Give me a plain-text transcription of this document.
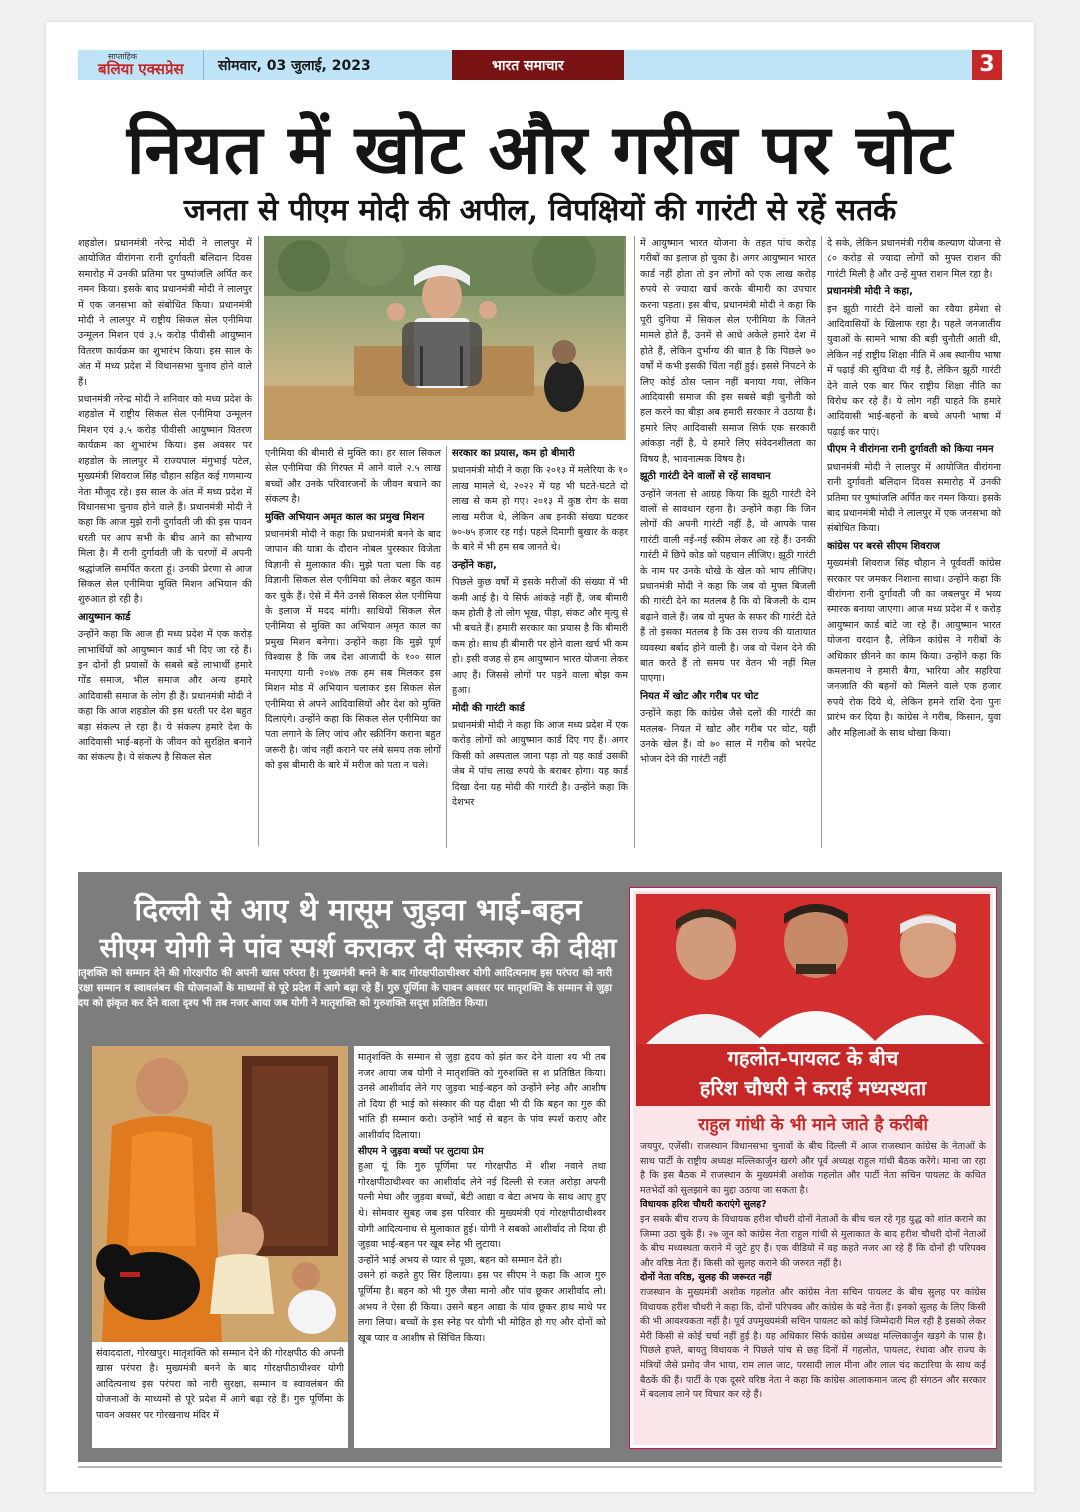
साप्ताहिक
बलिया एक्सप्रेस	सोमवार, 03 जुलाई, 2023	भारत समाचार	3
नियत में खोट और गरीब पर चोट
जनता से पीएम मोदी की अपील, विपक्षियों की गारंटी से रहें सतर्क

शहडोल। प्रधानमंत्री नरेन्द्र मोदी ने लालपुर में आयोजित वीरांगना रानी दुर्गावती बलिदान दिवस समारोह में उनकी प्रतिमा पर पुष्पांजलि अर्पित कर नमन किया। इसके बाद प्रधानमंत्री मोदी ने लालपुर में एक जनसभा को संबोधित किया। प्रधानमंत्री मोदी ने लालपुर में राष्ट्रीय सिकल सेल एनीमिया उन्मूलन मिशन एवं ३.५ करोड़ पीवीसी आयुष्मान वितरण कार्यक्रम का शुभारंभ किया। इस साल के अंत में मध्य प्रदेश में विधानसभा चुनाव होने वाले हैं।

प्रधानमंत्री नरेन्द्र मोदी ने शनिवार को मध्य प्रदेश के शहडोल में राष्ट्रीय सिकल सेल एनीमिया उन्मूलन मिशन एवं ३.५ करोड़ पीवीसी आयुष्मान वितरण कार्यक्रम का शुभारंभ किया। इस अवसर पर शहडोल के लालपुर में राज्यपाल मंगुभाई पटेल, मुख्यमंत्री शिवराज सिंह चौहान सहित कई गणमान्य नेता मौजूद रहे। इस साल के अंत में मध्य प्रदेश में विधानसभा चुनाव होने वाले हैं। प्रधानमंत्री मोदी ने कहा कि आज मुझे रानी दुर्गावती जी की इस पावन धरती पर आप सभी के बीच आने का सौभाग्य मिला है। मैं रानी दुर्गावती जी के चरणों में अपनी श्रद्धांजलि समर्पित करता हूं। उनकी प्रेरणा से आज सिकल सेल एनीमिया मुक्ति मिशन अभियान की शुरुआत हो रही है।

आयुष्मान कार्ड

उन्होंने कहा कि आज ही मध्य प्रदेश में एक करोड़ लाभार्थियों को आयुष्मान कार्ड भी दिए जा रहे हैं। इन दोनों ही प्रयासों के सबसे बड़े लाभार्थी हमारे गोंड समाज, भील समाज और अन्य हमारे आदिवासी समाज के लोग ही हैं। प्रधानमंत्री मोदी ने कहा कि आज शहडोल की इस धरती पर देश बहुत बड़ा संकल्प ले रहा है। ये संकल्प हमारे देश के आदिवासी भाई-बहनों के जीवन को सुरक्षित बनाने का संकल्प है। ये संकल्प है सिकल सेल

एनीमिया की बीमारी से मुक्ति का। हर साल सिकल सेल एनीमिया की गिरफ्त में आने वाले २.५ लाख बच्चों और उनके परिवारजनों के जीवन बचाने का संकल्प है।

मुक्ति अभियान अमृत काल का प्रमुख मिशन

प्रधानमंत्री मोदी ने कहा कि प्रधानमंत्री बनने के बाद जापान की यात्रा के दौरान नोबल पुरस्कार विजेता विज्ञानी से मुलाकात की। मुझे पता चला कि वह विज्ञानी सिकल सेल एनीमिया को लेकर बहुत काम कर चुके हैं। ऐसे में मैंने उनसे सिकल सेल एनीमिया के इलाज में मदद मांगी। साथियों सिकल सेल एनीमिया से मुक्ति का अभियान अमृत काल का प्रमुख मिशन बनेगा। उन्होंने कहा कि मुझे पूर्ण विश्वास है कि जब देश आजादी के १०० साल मनाएगा यानी २०४७ तक हम सब मिलकर इस मिशन मोड में अभियान चलाकर इस सिकल सेल एनीमिया से अपने आदिवासियों और देश को मुक्ति दिलाएंगे। उन्होंने कहा कि सिकल सेल एनीमिया का पता लगाने के लिए जांच और स्क्रीनिंग कराना बहुत जरूरी है। जांच नहीं कराने पर लंबे समय तक लोगों को इस बीमारी के बारे में मरीज को पता न चले।

सरकार का प्रयास, कम हो बीमारी

प्रधानमंत्री मोदी ने कहा कि २०१३ में मलेरिया के १० लाख मामले थे, २०२२ में यह भी घटते-घटते दो लाख से कम हो गए। २०१३ में कुष्ठ रोग के सवा लाख मरीज थे, लेकिन अब इनकी संख्या घटकर ७०-७५ हजार रह गई। पहले दिमागी बुखार के कहर के बारे में भी हम सब जानते थे।

उन्होंने कहा,

पिछले कुछ वर्षों में इसके मरीजों की संख्या में भी कमी आई है। ये सिर्फ आंकड़े नहीं हैं, जब बीमारी कम होती है तो लोग भूख, पीड़ा, संकट और मृत्यु से भी बचते हैं। हमारी सरकार का प्रयास है कि बीमारी कम हो। साथ ही बीमारी पर होने वाला खर्च भी कम हो। इसी वजह से हम आयुष्मान भारत योजना लेकर आए हैं। जिससे लोगों पर पड़ने वाला बोझ कम हुआ।

मोदी की गारंटी कार्ड

प्रधानमंत्री मोदी ने कहा कि आज मध्य प्रदेश में एक करोड़ लोगों को आयुष्मान कार्ड दिए गए हैं। अगर किसी को अस्पताल जाना पड़ा तो यह कार्ड उसकी जेब में पांच लाख रुपये के बराबर होगा। यह कार्ड दिखा देना यह मोदी की गारंटी है। उन्होंने कहा कि देशभर

में आयुष्मान भारत योजना के तहत पांच करोड़ गरीबों का इलाज हो चुका है। अगर आयुष्मान भारत कार्ड नहीं होता तो इन लोगों को एक लाख करोड़ रुपये से ज्यादा खर्च करके बीमारी का उपचार करना पड़ता। इस बीच, प्रधानमंत्री मोदी ने कहा कि पूरी दुनिया में सिकल सेल एनीमिया के जितने मामले होते हैं, उनमें से आधे अकेले हमारे देश में होते हैं, लेकिन दुर्भाग्य की बात है कि पिछले ७० वर्षों में कभी इसकी चिंता नहीं हुई। इससे निपटने के लिए कोई ठोस प्लान नहीं बनाया गया, लेकिन आदिवासी समाज की इस सबसे बड़ी चुनौती को हल करने का बीड़ा अब हमारी सरकार ने उठाया है। हमारे लिए आदिवासी समाज सिर्फ एक सरकारी आंकड़ा नहीं है, ये हमारे लिए संवेदनशीलता का विषय है, भावनात्मक विषय है।

झूठी गारंटी देने वालों से रहें सावधान

उन्होंने जनता से आग्रह किया कि झूठी गारंटी देने वालों से सावधान रहना है। उन्होंने कहा कि जिन लोगों की अपनी गारंटी नहीं है, वो आपके पास गारंटी वाली नई-नई स्कीम लेकर आ रहे हैं। उनकी गारंटी में छिपे कोड को पहचान लीजिए। झूठी गारंटी के नाम पर उनके धोखे के खेल को भाप लीजिए। प्रधानमंत्री मोदी ने कहा कि जब वो मुफ्त बिजली की गारंटी देने का मतलब है कि वो बिजली के दाम बढ़ाने वाले हैं। जब वो मुफ्त के सफर की गारंटी देते हैं तो इसका मतलब है कि उस राज्य की यातायात व्यवस्था बर्बाद होने वाली है। जब वो पेंशन देने की बात करते हैं तो समय पर वेतन भी नहीं मिल पाएगा।

नियत में खोट और गरीब पर चोट

उन्होंने कहा कि कांग्रेस जैसे दलों की गारंटी का मतलब- नियत में खोट और गरीब पर चोट, यही उनके खेल हैं। वो ७० साल में गरीब को भरपेट भोजन देने की गारंटी नहीं

दे सके, लेकिन प्रधानमंत्री गरीब कल्याण योजना से ८० करोड़ से ज्यादा लोगों को मुफ्त राशन की गारंटी मिली है और उन्हें मुफ्त राशन मिल रहा है।

प्रधानमंत्री मोदी ने कहा,

इन झूठी गारंटी देने वालों का रवैया हमेशा से आदिवासियों के खिलाफ रहा है। पहले जनजातीय युवाओं के सामने भाषा की बड़ी चुनौती आती थी, लेकिन नई राष्ट्रीय शिक्षा नीति में अब स्थानीय भाषा में पढ़ाई की सुविधा दी गई है, लेकिन झूठी गारंटी देने वाले एक बार फिर राष्ट्रीय शिक्षा नीति का विरोध कर रहे हैं। ये लोग नहीं चाहते कि हमारे आदिवासी भाई-बहनों के बच्चे अपनी भाषा में पढ़ाई कर पाएं।

पीएम ने वीरांगना रानी दुर्गावती को किया नमन

प्रधानमंत्री मोदी ने लालपुर में आयोजित वीरांगना रानी दुर्गावती बलिदान दिवस समारोह में उनकी प्रतिमा पर पुष्पांजलि अर्पित कर नमन किया। इसके बाद प्रधानमंत्री मोदी ने लालपुर में एक जनसभा को संबोधित किया।

कांग्रेस पर बरसे सीएम शिवराज

मुख्यमंत्री शिवराज सिंह चौहान ने पूर्ववर्ती कांग्रेस सरकार पर जमकर निशाना साधा। उन्होंने कहा कि वीरांगना रानी दुर्गावती जी का जबलपुर में भव्य स्मारक बनाया जाएगा। आज मध्य प्रदेश में १ करोड़ आयुष्मान कार्ड बांटे जा रहे हैं। आयुष्मान भारत योजना वरदान है, लेकिन कांग्रेस ने गरीबों के अधिकार छीनने का काम किया। उन्होंने कहा कि कमलनाथ ने हमारी बैगा, भारिया और सहरिया जनजाति की बहनों को मिलने वाले एक हजार रुपये रोक दिये थे, लेकिन हमने राशि देना पुनः प्रारंभ कर दिया है। कांग्रेस ने गरीब, किसान, युवा और महिलाओं के साथ धोखा किया।

दिल्ली से आए थे मासूम जुड़वा भाई-बहन
सीएम योगी ने पांव स्पर्श कराकर दी संस्कार की दीक्षा
मातृशक्ति को सम्मान देने की गोरक्षपीठ की अपनी खास परंपरा है। मुख्यमंत्री बनने के बाद गोरक्षपीठाधीश्वर योगी आदित्यनाथ इस परंपरा को नारी सुरक्षा सम्मान व स्वावलंबन की योजनाओं के माध्यमों से पूरे प्रदेश में आगे बढ़ा रहे हैं। गुरु पूर्णिमा के पावन अवसर पर मातृशक्ति के सम्मान से जुड़ा हृदय को झंकृत कर देने वाला दृश्य भी तब नजर आया जब योगी ने मातृशक्ति को गुरुशक्ति सदृश प्रतिष्ठित किया।

संवाददाता, गोरखपुर। मातृशक्ति को सम्मान देने की गोरक्षपीठ की अपनी खास परंपरा है। मुख्यमंत्री बनने के बाद गोरक्षपीठाधीश्वर योगी आदित्यनाथ इस परंपरा को नारी सुरक्षा, सम्मान व स्वावलंबन की योजनाओं के माध्यमों से पूरे प्रदेश में आगे बढ़ा रहे हैं। गुरु पूर्णिमा के पावन अवसर पर गोरखनाथ मंदिर में

मातृशक्ति के सम्मान से जुड़ा हृदय को झंंत कर देने वाला श्य भी तब नजर आया जब योगी ने मातृशक्ति को गुरुशक्ति स श प्रतिष्ठित किया। उनसे आशीर्वाद लेने गए जुड़वा भाई-बहन को उन्होंने स्नेह और आशीष तो दिया ही भाई को संस्कार की यह दीक्षा भी दी कि बहन का गुरु की भांति ही सम्मान करो। उन्होंने भाई से बहन के पांव स्पर्श कराए और आशीर्वाद दिलाया।

सीएम ने जुड़वा बच्चों पर लुटाया प्रेम

हुआ यूं कि गुरु पूर्णिमा पर गोरक्षपीठ में शीश नवाने तथा गोरक्षपीठाधीश्वर का आशीर्वाद लेने नई दिल्ली से रजत अरोड़ा अपनी पत्नी मेघा और जुड़वा बच्चों, बेटी आद्या व बेटा अभय के साथ आए हुए थे। सोमवार सुबह जब इस परिवार की मुख्यमंत्री एवं गोरक्षपीठाधीश्वर योगी आदित्यनाथ से मुलाकात हुई। योगी ने सबको आशीर्वाद तो दिया ही जुड़वा भाई-बहन पर खूब स्नेह भी लुटाया।

उन्होंने भाई अभय से प्यार से पूछा, बहन को सम्मान देते हो।

उसने हां कहते हुए सिर हिलाया। इस पर सीएम ने कहा कि आज गुरु पूर्णिमा है। बहन को भी गुरु जैसा मानो और पांव छूकर आशीर्वाद लो। अभय ने ऐसा ही किया। उसने बहन आद्या के पांव छूकर हाथ माथे पर लगा लिया। बच्चों के इस स्नेह पर योगी भी मोहित हो गए और दोनों को खूब प्यार व आशीष से सिंचित किया।

गहलोत-पायलट के बीच
हरिश चौधरी ने कराई मध्यस्थता
राहुल गांधी के भी माने जाते है करीबी

जयपुर, एजेंसी। राजस्थान विधानसभा चुनावों के बीच दिल्ली में आज राजस्थान कांग्रेस के नेताओं के साथ पार्टी के राष्ट्रीय अध्यक्ष मल्लिकार्जुन खरगे और पूर्व अध्यक्ष राहुल गांधी बैठक करेंगे। माना जा रहा है कि इस बैठक में राजस्थान के मुख्यमंत्री अशोक गहलोत और पार्टी नेता सचिन पायलट के कथित मतभेदों को सुलझाने का मुद्दा उठाया जा सकता है।

विधायक हरिश चौधरी कराएंगे सुलह?

इन सबके बीच राज्य के विधायक हरीश चौधरी दोनों नेताओं के बीच चल रहे गृह युद्ध को शांत कराने का जिम्मा उठा चुके हैं। २७ जून को कांग्रेस नेता राहुल गांधी से मुलाकात के बाद हरीश चौधरी दोनों नेताओं के बीच मध्यस्थता कराने में जुटे हुए हैं। एक वीडियो में वह कहते नजर आ रहे हैं कि दोनों ही परिपक्व और वरिष्ठ नेता हैं। किसी को सुलह कराने की जरुरत नहीं है।

दोनों नेता वरिष्ठ, सुलह की जरूरत नहीं

राजस्थान के मुख्यमंत्री अशोक गहलोत और कांग्रेस नेता सचिन पायलट के बीच सुलह पर कांग्रेस विधायक हरीश चौधरी ने कहा कि, दोनों परिपक्व और कांग्रेस के बड़े नेता हैं। इनको सुलह के लिए किसी की भी आवश्यकता नहीं है। पूर्व उपमुख्यमंत्री सचिन पायलट को कोई जिम्मेदारी मिल रही है इसको लेकर मेरी किसी से कोई चर्चा नहीं हुई है। यह अधिकार सिर्फ कांग्रेस अध्यक्ष मल्लिकार्जुन खड़गे के पास है। पिछले हफ्ते, बायतु विधायक ने पिछले पांच से छह दिनों में गहलोत, पायलट, रंधावा और राज्य के मंत्रियों जैसे प्रमोद जैन भाया, राम लाल जाट, परसादी लाल मीना और लाल चंद कटारिया के साथ कई बैठकें की हैं। पार्टी के एक दूसरे वरिष्ठ नेता ने कहा कि कांग्रेस आलाकमान जल्द ही संगठन और सरकार में बदलाव लाने पर विचार कर रहे हैं।
